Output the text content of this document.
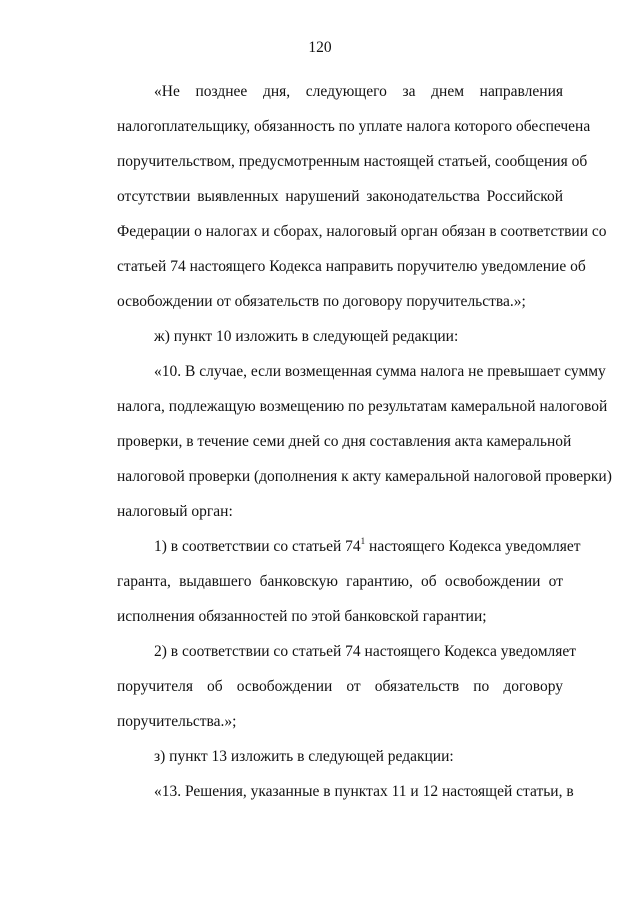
120

«Не позднее дня, следующего за днем направления
налогоплательщику, обязанность по уплате налога которого обеспечена
поручительством, предусмотренным настоящей статьей, сообщения об
отсутствии выявленных нарушений законодательства Российской
Федерации о налогах и сборах, налоговый орган обязан в соответствии со
статьей 74 настоящего Кодекса направить поручителю уведомление об
освобождении от обязательств по договору поручительства.»;

ж) пункт 10 изложить в следующей редакции:

«10. В случае, если возмещенная сумма налога не превышает сумму
налога, подлежащую возмещению по результатам камеральной налоговой
проверки, в течение семи дней со дня составления акта камеральной
налоговой проверки (дополнения к акту камеральной налоговой проверки)
налоговый орган:

1) в соответствии со статьей $74^1$ настоящего Кодекса уведомляет
гаранта, выдавшего банковскую гарантию, об освобождении от
исполнения обязанностей по этой банковской гарантии;

2) в соответствии со статьей 74 настоящего Кодекса уведомляет
поручителя об освобождении от обязательств по договору
поручительства.»;

з) пункт 13 изложить в следующей редакции:

«13. Решения, указанные в пунктах 11 и 12 настоящей статьи, в
